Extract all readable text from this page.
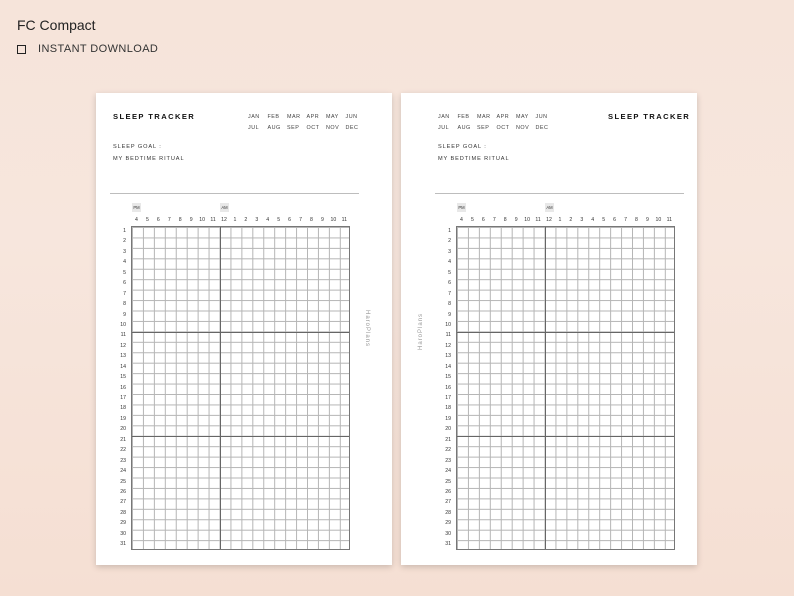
FC Compact
INSTANT DOWNLOAD
SLEEP TRACKER	JAN	FEB	MAR	APR	MAY	JUN
JUL	AUG	SEP	OCT	NOV	DEC
SLEEP GOAL :
MY BEDTIME RITUAL
PM	AM
4	5	6	7	8	9	10	11	12	1	2	3	4	5	6	7	8	9	10	11
1
2
3
4
5
6
7
8
9
10
11
12
13
14
15
16
17
18
19
20
21
22
23
24
25
26
27
28
29
30
31
JAN	FEB	MAR	APR	MAY	JUN
JUL	AUG	SEP	OCT	NOV	DEC
SLEEP TRACKER
SLEEP GOAL :
MY BEDTIME RITUAL
PM	AM
4	5	6	7	8	9	10	11	12	1	2	3	4	5	6	7	8	9	10	11
1
2
3
4
5
6
7
8
9
10
11
12
13
14
15
16
17
18
19
20
21
22
23
24
25
26
27
28
29
30
31
HaroPlans	HaroPlans
